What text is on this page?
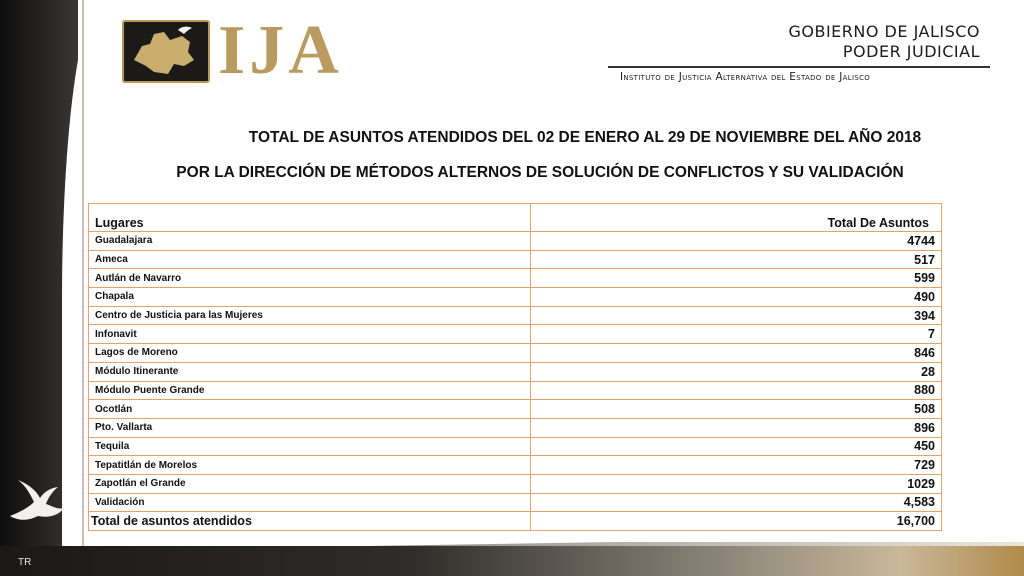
TR
IJA	GOBIERNO DE JALISCO
PODER JUDICIAL
Instituto de Justicia Alternativa del Estado de Jalisco
TOTAL DE ASUNTOS ATENDIDOS DEL 02 DE ENERO AL 29 DE NOVIEMBRE DEL AÑO 2018
POR LA DIRECCIÓN DE MÉTODOS ALTERNOS DE SOLUCIÓN DE CONFLICTOS Y SU VALIDACIÓN
Lugares	Total De Asuntos
Guadalajara	4744
Ameca	517
Autlán de Navarro	599
Chapala	490
Centro de Justicia para las Mujeres	394
Infonavit	7
Lagos de Moreno	846
Módulo Itinerante	28
Módulo Puente Grande	880
Ocotlán	508
Pto. Vallarta	896
Tequila	450
Tepatitlán de Morelos	729
Zapotlán el Grande	1029
Validación	4,583
Total de asuntos atendidos	16,700
